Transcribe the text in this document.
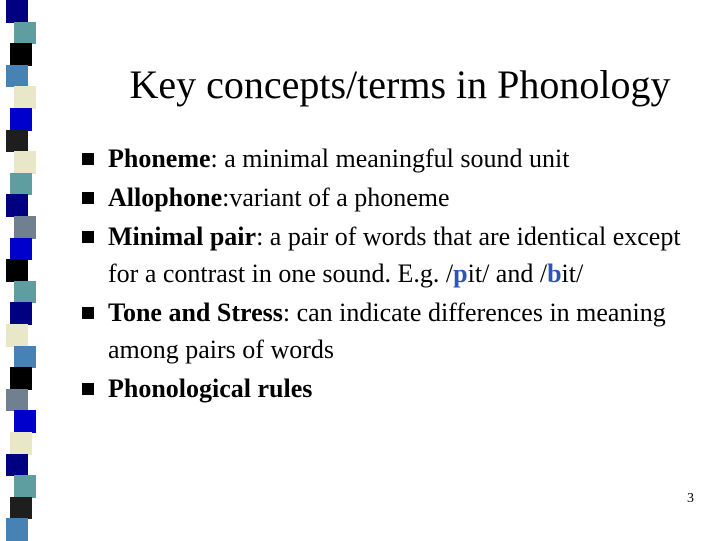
Key concepts/terms in Phonology
Phoneme: a minimal meaningful sound unit
Allophone:variant of a phoneme
Minimal pair: a pair of words that are identical except for a contrast in one sound. E.g. /pit/ and /bit/
Tone and Stress: can indicate differences in meaning among pairs of words
Phonological rules
3
